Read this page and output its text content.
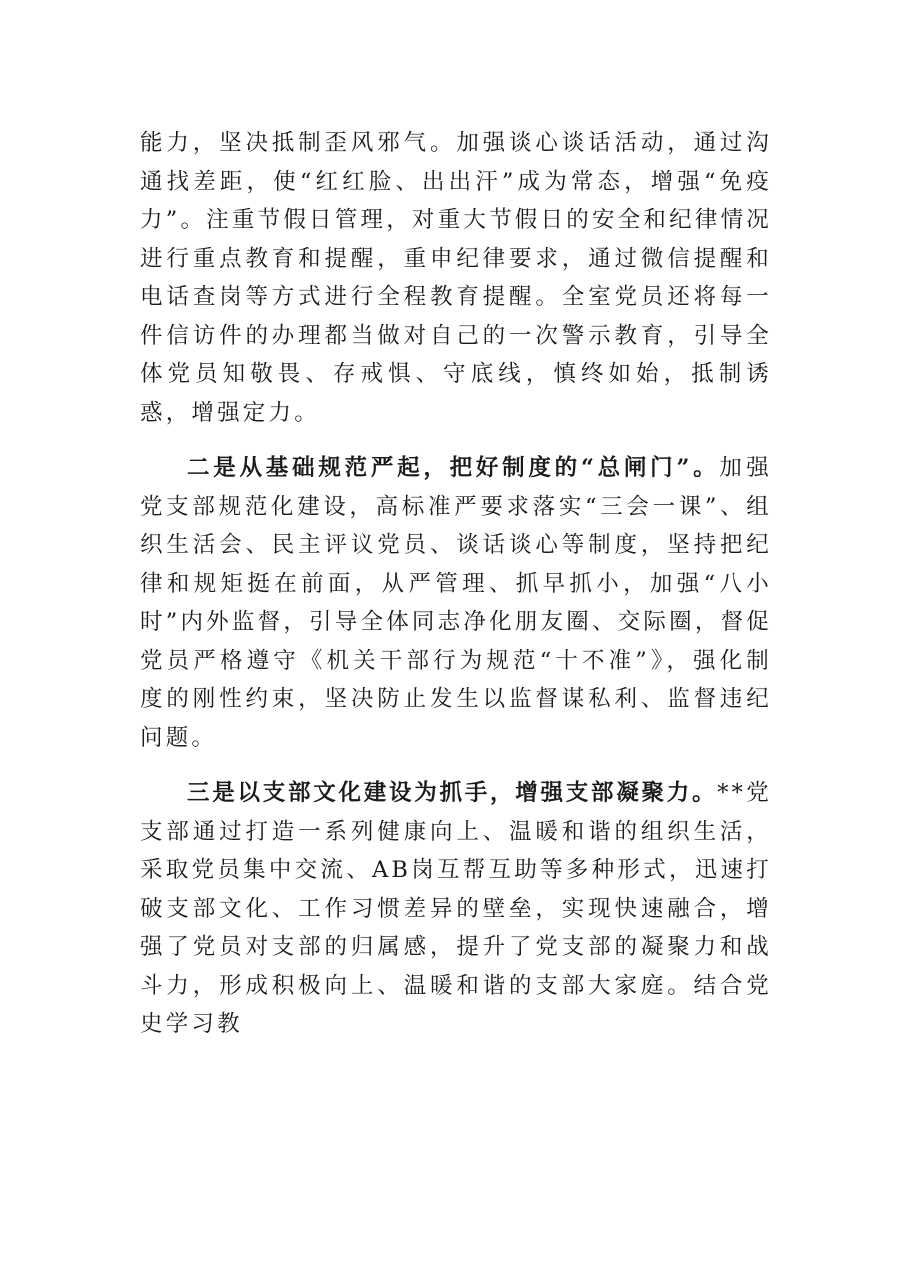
能力，坚决抵制歪风邪气。加强谈心谈话活动，通过沟通找差距，使“红红脸、出出汗”成为常态，增强“免疫力”。注重节假日管理，对重大节假日的安全和纪律情况进行重点教育和提醒，重申纪律要求，通过微信提醒和电话查岗等方式进行全程教育提醒。全室党员还将每一件信访件的办理都当做对自己的一次警示教育，引导全体党员知敬畏、存戒惧、守底线，慎终如始，抵制诱惑，增强定力。

二是从基础规范严起，把好制度的“总闸门”。加强党支部规范化建设，高标准严要求落实“三会一课”、组织生活会、民主评议党员、谈话谈心等制度，坚持把纪律和规矩挺在前面，从严管理、抓早抓小，加强“八小时”内外监督，引导全体同志净化朋友圈、交际圈，督促党员严格遵守《机关干部行为规范“十不准”》，强化制度的刚性约束，坚决防止发生以监督谋私利、监督违纪问题。

三是以支部文化建设为抓手，增强支部凝聚力。**党支部通过打造一系列健康向上、温暖和谐的组织生活，采取党员集中交流、AB岗互帮互助等多种形式，迅速打破支部文化、工作习惯差异的壁垒，实现快速融合，增强了党员对支部的归属感，提升了党支部的凝聚力和战斗力，形成积极向上、温暖和谐的支部大家庭。结合党史学习教
